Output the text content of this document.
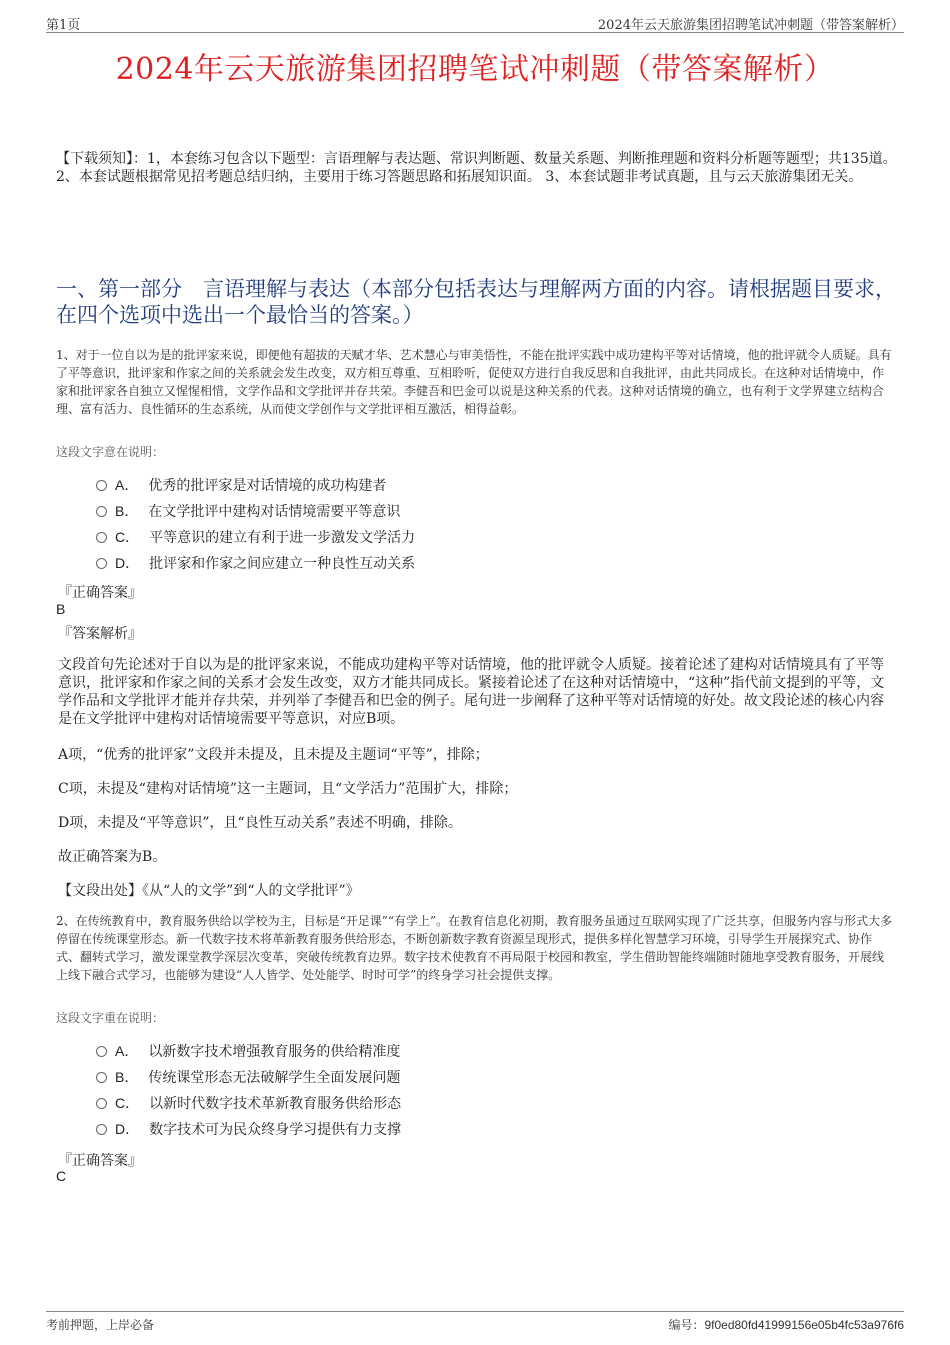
第1页	2024年云天旅游集团招聘笔试冲刺题（带答案解析）
2024年云天旅游集团招聘笔试冲刺题（带答案解析）
【下载须知】：1，本套练习包含以下题型：言语理解与表达题、常识判断题、数量关系题、判断推理题和资料分析题等题型；共135道。 2、本套试题根据常见招考题总结归纳，主要用于练习答题思路和拓展知识面。 3、本套试题非考试真题，且与云天旅游集团无关。
一、第一部分　言语理解与表达（本部分包括表达与理解两方面的内容。请根据题目要求，在四个选项中选出一个最恰当的答案。）
1、对于一位自以为是的批评家来说，即便他有超拔的天赋才华、艺术慧心与审美悟性，不能在批评实践中成功建构平等对话情境，他的批评就令人质疑。具有了平等意识，批评家和作家之间的关系就会发生改变，双方相互尊重、互相聆听，促使双方进行自我反思和自我批评，由此共同成长。在这种对话情境中，作家和批评家各自独立又惺惺相惜，文学作品和文学批评并存共荣。李健吾和巴金可以说是这种关系的代表。这种对话情境的确立，也有利于文学界建立结构合理、富有活力、良性循环的生态系统，从而使文学创作与文学批评相互激活，相得益彰。
这段文字意在说明：
A． 优秀的批评家是对话情境的成功构建者
B． 在文学批评中建构对话情境需要平等意识
C． 平等意识的建立有利于进一步激发文学活力
D． 批评家和作家之间应建立一种良性互动关系
『正确答案』
B
『答案解析』
文段首句先论述对于自以为是的批评家来说，不能成功建构平等对话情境，他的批评就令人质疑。接着论述了建构对话情境具有了平等意识，批评家和作家之间的关系才会发生改变，双方才能共同成长。紧接着论述了在这种对话情境中，“这种”指代前文提到的平等，文学作品和文学批评才能并存共荣，并列举了李健吾和巴金的例子。尾句进一步阐释了这种平等对话情境的好处。故文段论述的核心内容是在文学批评中建构对话情境需要平等意识，对应B项。
A项，“优秀的批评家”文段并未提及，且未提及主题词“平等”，排除；
C项，未提及“建构对话情境”这一主题词，且“文学活力”范围扩大，排除；
D项，未提及“平等意识”，且“良性互动关系”表述不明确，排除。
故正确答案为B。
【文段出处】《从“人的文学”到“人的文学批评”》
2、在传统教育中，教育服务供给以学校为主，目标是“开足课”“有学上”。在教育信息化初期，教育服务虽通过互联网实现了广泛共享，但服务内容与形式大多停留在传统课堂形态。新一代数字技术将革新教育服务供给形态，不断创新数字教育资源呈现形式，提供多样化智慧学习环境，引导学生开展探究式、协作式、翻转式学习，激发课堂教学深层次变革，突破传统教育边界。数字技术使教育不再局限于校园和教室，学生借助智能终端随时随地享受教育服务，开展线上线下融合式学习，也能够为建设“人人皆学、处处能学、时时可学”的终身学习社会提供支撑。
这段文字重在说明：
A． 以新数字技术增强教育服务的供给精准度
B． 传统课堂形态无法破解学生全面发展问题
C． 以新时代数字技术革新教育服务供给形态
D． 数字技术可为民众终身学习提供有力支撑
『正确答案』
C
考前押题，上岸必备	编号：9f0ed80fd41999156e05b4fc53a976f6
